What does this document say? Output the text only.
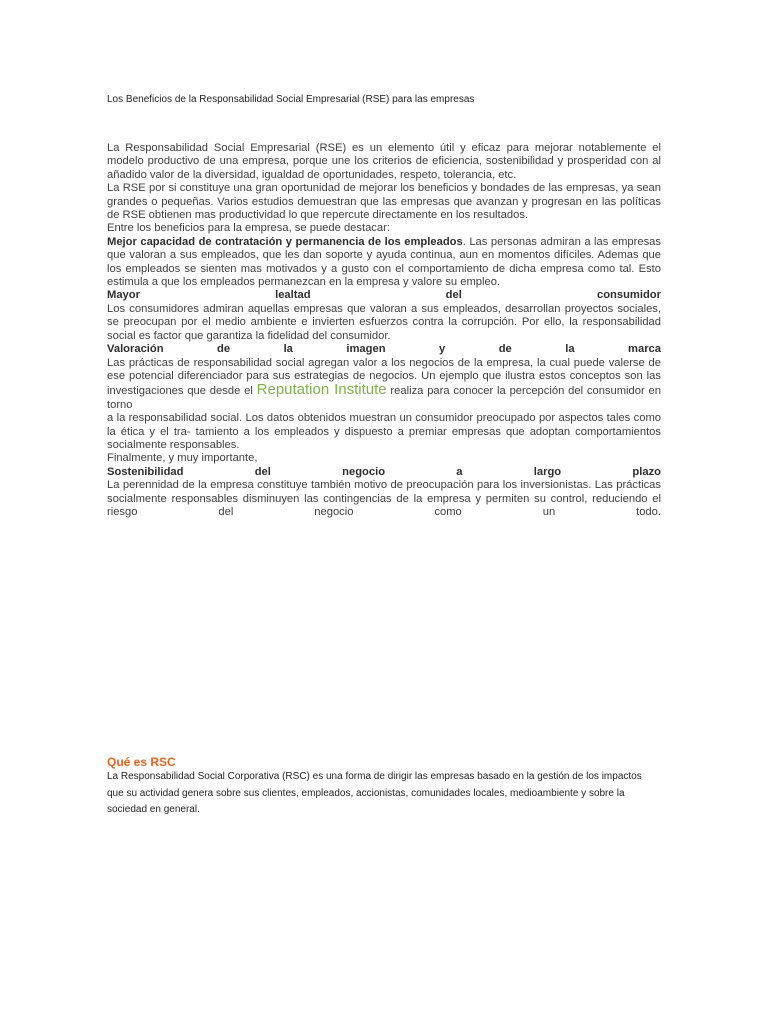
Los Beneficios de la Responsabilidad Social Empresarial (RSE) para las empresas

La Responsabilidad Social Empresarial (RSE) es un elemento útil y eficaz para mejorar notablemente el modelo productivo de una empresa, porque une los criterios de eficiencia, sostenibilidad y prosperidad con al añadido valor de la diversidad, igualdad de oportunidades, respeto, tolerancia, etc.

La RSE por si constituye una gran oportunidad de mejorar los beneficios y bondades de las empresas, ya sean grandes o pequeñas. Varios estudios demuestran que las empresas que avanzan y progresan en las políticas de RSE obtienen mas productividad lo que repercute directamente en los resultados.

Entre los beneficios para la empresa, se puede destacar:

Mejor capacidad de contratación y permanencia de los empleados. Las personas admiran a las empresas que valoran a sus empleados, que les dan soporte y ayuda continua, aun en momentos difíciles. Ademas que los empleados se sienten mas motivados y a gusto con el comportamiento de dicha empresa como tal. Esto estimula a que los empleados permanezcan en la empresa y valore su empleo.

Mayor lealtad del consumidor

Los consumidores admiran aquellas empresas que valoran a sus empleados, desarrollan proyectos sociales, se preocupan por el medio ambiente e invierten esfuerzos contra la corrupción. Por ello, la responsabilidad social es factor que garantiza la fidelidad del consumidor.

Valoración de la imagen y de la marca

Las prácticas de responsabilidad social agregan valor a los negocios de la empresa, la cual puede valerse de ese potencial diferenciador para sus estrategias de negocios. Un ejemplo que ilustra estos conceptos son las investigaciones que desde el Reputation Institute realiza para conocer la percepción del consumidor en torno

a la responsabilidad social. Los datos obtenidos muestran un consumidor preocupado por aspectos tales como la ética y el tra- tamiento a los empleados y dispuesto a premiar empresas que adoptan comportamientos socialmente responsables.

Finalmente, y muy importante,

Sostenibilidad del negocio a largo plazo

La perennidad de la empresa constituye también motivo de preocupación para los inversionistas. Las prácticas socialmente responsables disminuyen las contingencias de la empresa y permiten su control, reduciendo el riesgo del negocio como un todo.

Qué es RSC
La Responsabilidad Social Corporativa (RSC) es una forma de dirigir las empresas basado en la gestión de los impactos que su actividad genera sobre sus clientes, empleados, accionistas, comunidades locales, medioambiente y sobre la sociedad en general.
